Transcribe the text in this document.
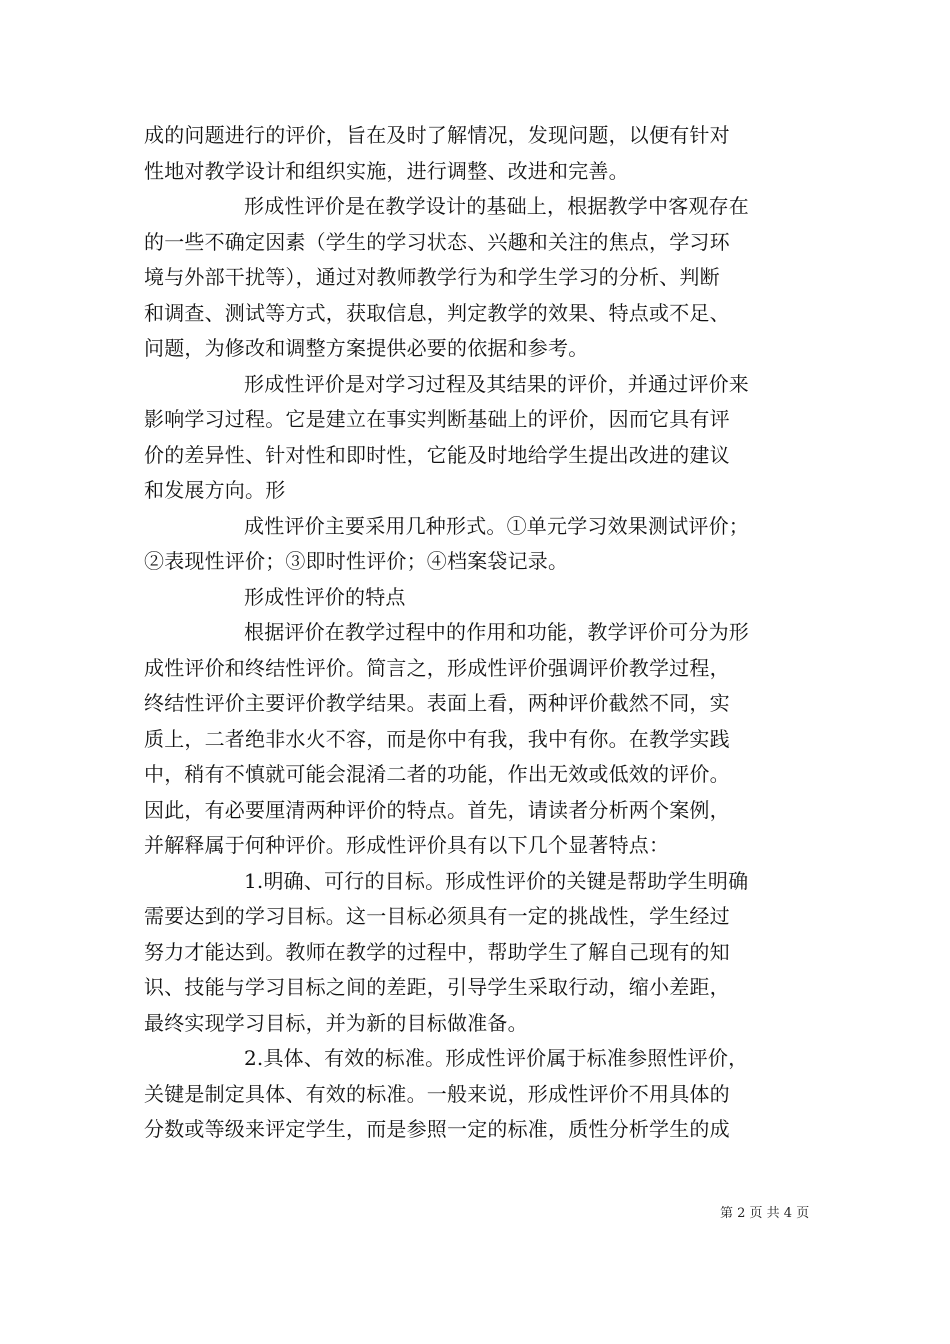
成的问题进行的评价，旨在及时了解情况，发现问题，以便有针对
性地对教学设计和组织实施，进行调整、改进和完善。
形成性评价是在教学设计的基础上，根据教学中客观存在
的一些不确定因素（学生的学习状态、兴趣和关注的焦点，学习环
境与外部干扰等），通过对教师教学行为和学生学习的分析、判断
和调查、测试等方式，获取信息，判定教学的效果、特点或不足、
问题，为修改和调整方案提供必要的依据和参考。
形成性评价是对学习过程及其结果的评价，并通过评价来
影响学习过程。它是建立在事实判断基础上的评价，因而它具有评
价的差异性、针对性和即时性，它能及时地给学生提出改进的建议
和发展方向。形
成性评价主要采用几种形式。①单元学习效果测试评价；
②表现性评价；③即时性评价；④档案袋记录。
形成性评价的特点
根据评价在教学过程中的作用和功能，教学评价可分为形
成性评价和终结性评价。简言之，形成性评价强调评价教学过程，
终结性评价主要评价教学结果。表面上看，两种评价截然不同，实
质上，二者绝非水火不容，而是你中有我，我中有你。在教学实践
中，稍有不慎就可能会混淆二者的功能，作出无效或低效的评价。
因此，有必要厘清两种评价的特点。首先，请读者分析两个案例，
并解释属于何种评价。形成性评价具有以下几个显著特点：
1.明确、可行的目标。形成性评价的关键是帮助学生明确
需要达到的学习目标。这一目标必须具有一定的挑战性，学生经过
努力才能达到。教师在教学的过程中，帮助学生了解自己现有的知
识、技能与学习目标之间的差距，引导学生采取行动，缩小差距，
最终实现学习目标，并为新的目标做准备。
2.具体、有效的标准。形成性评价属于标准参照性评价，
关键是制定具体、有效的标准。一般来说，形成性评价不用具体的
分数或等级来评定学生，而是参照一定的标准，质性分析学生的成
第 2 页 共 4 页
